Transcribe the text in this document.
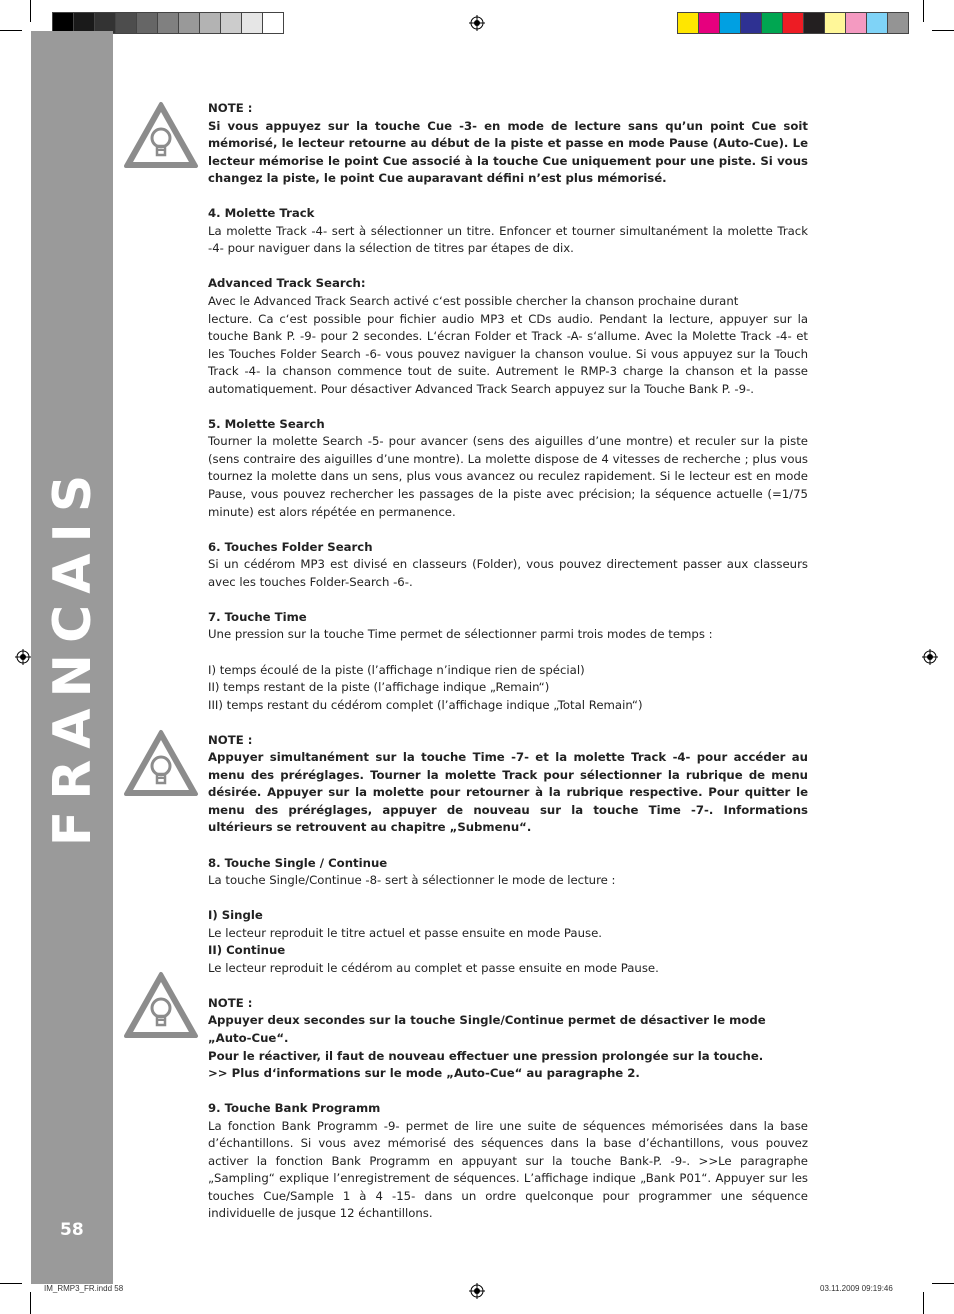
FRANCAIS
58

NOTE :

Si vous appuyez sur la touche Cue -3- en mode de lecture sans qu’un point Cue soit mémorisé, le lecteur retourne au début de la piste et passe en mode Pause (Auto-Cue). Le lecteur mémorise le point Cue associé à la touche Cue uniquement pour une piste. Si vous changez la piste, le point Cue auparavant défini n’est plus mémorisé.

4. Molette Track

La molette Track -4- sert à sélectionner un titre. Enfoncer et tourner simultanément la molette Track -4- pour naviguer dans la sélection de titres par étapes de dix.

Advanced Track Search:

Avec le Advanced Track Search activé c‘est possible chercher la chanson prochaine durant

lecture. Ca c‘est possible pour fichier audio MP3 et CDs audio. Pendant la lecture, appuyer sur la touche Bank P. -9- pour 2 secondes. L‘écran Folder et Track -A- s‘allume. Avec la Molette Track -4- et les Touches Folder Search -6- vous pouvez naviguer la chanson voulue. Si vous appuyez sur la Touch Track -4- la chanson commence tout de suite. Autrement le RMP-3 charge la chanson et la passe automatiquement. Pour désactiver Advanced Track Search appuyez sur la Touche Bank P. -9-.

5. Molette Search

Tourner la molette Search -5- pour avancer (sens des aiguilles d’une montre) et reculer sur la piste (sens contraire des aiguilles d’une montre). La molette dispose de 4 vitesses de recherche ; plus vous tournez la molette dans un sens, plus vous avancez ou reculez rapidement. Si le lecteur est en mode Pause, vous pouvez rechercher les passages de la piste avec précision; la séquence actuelle (=1/75 minute) est alors répétée en permanence.

6. Touches Folder Search

Si un cédérom MP3 est divisé en classeurs (Folder), vous pouvez directement passer aux classeurs avec les touches Folder-Search -6-.

7. Touche Time

Une pression sur la touche Time permet de sélectionner parmi trois modes de temps :

I) temps écoulé de la piste (l’affichage n’indique rien de spécial)

II) temps restant de la piste (l’affichage indique „Remain“)

III) temps restant du cédérom complet (l’affichage indique „Total Remain“)

NOTE :

Appuyer simultanément sur la touche Time -7- et la molette Track -4- pour accéder au menu des préréglages. Tourner la molette Track pour sélectionner la rubrique de menu désirée. Appuyer sur la molette pour retourner à la rubrique respective. Pour quitter le menu des préréglages, appuyer de nouveau sur la touche Time -7-. Informations ultérieurs se retrouvent au chapitre „Submenu“.

8. Touche Single / Continue

La touche Single/Continue -8- sert à sélectionner le mode de lecture :

I) Single

Le lecteur reproduit le titre actuel et passe ensuite en mode Pause.

II) Continue

Le lecteur reproduit le cédérom au complet et passe ensuite en mode Pause.

NOTE :

Appuyer deux secondes sur la touche Single/Continue permet de désactiver le mode „Auto-Cue“.

Pour le réactiver, il faut de nouveau effectuer une pression prolongée sur la touche.

>> Plus d‘informations sur le mode „Auto-Cue“ au paragraphe 2.

9. Touche Bank Programm

La fonction Bank Programm -9- permet de lire une suite de séquences mémorisées dans la base d’échantillons. Si vous avez mémorisé des séquences dans la base d’échantillons, vous pouvez activer la fonction Bank Programm en appuyant sur la touche Bank-P. -9-. >>Le paragraphe „Sampling“ explique l’enregistrement de séquences. L’affichage indique „Bank P01“. Appuyer sur les touches Cue/Sample 1 à 4 -15- dans un ordre quelconque pour programmer une séquence individuelle de jusque 12 échantillons.

IM_RMP3_FR.indd 58	03.11.2009 09:19:46
